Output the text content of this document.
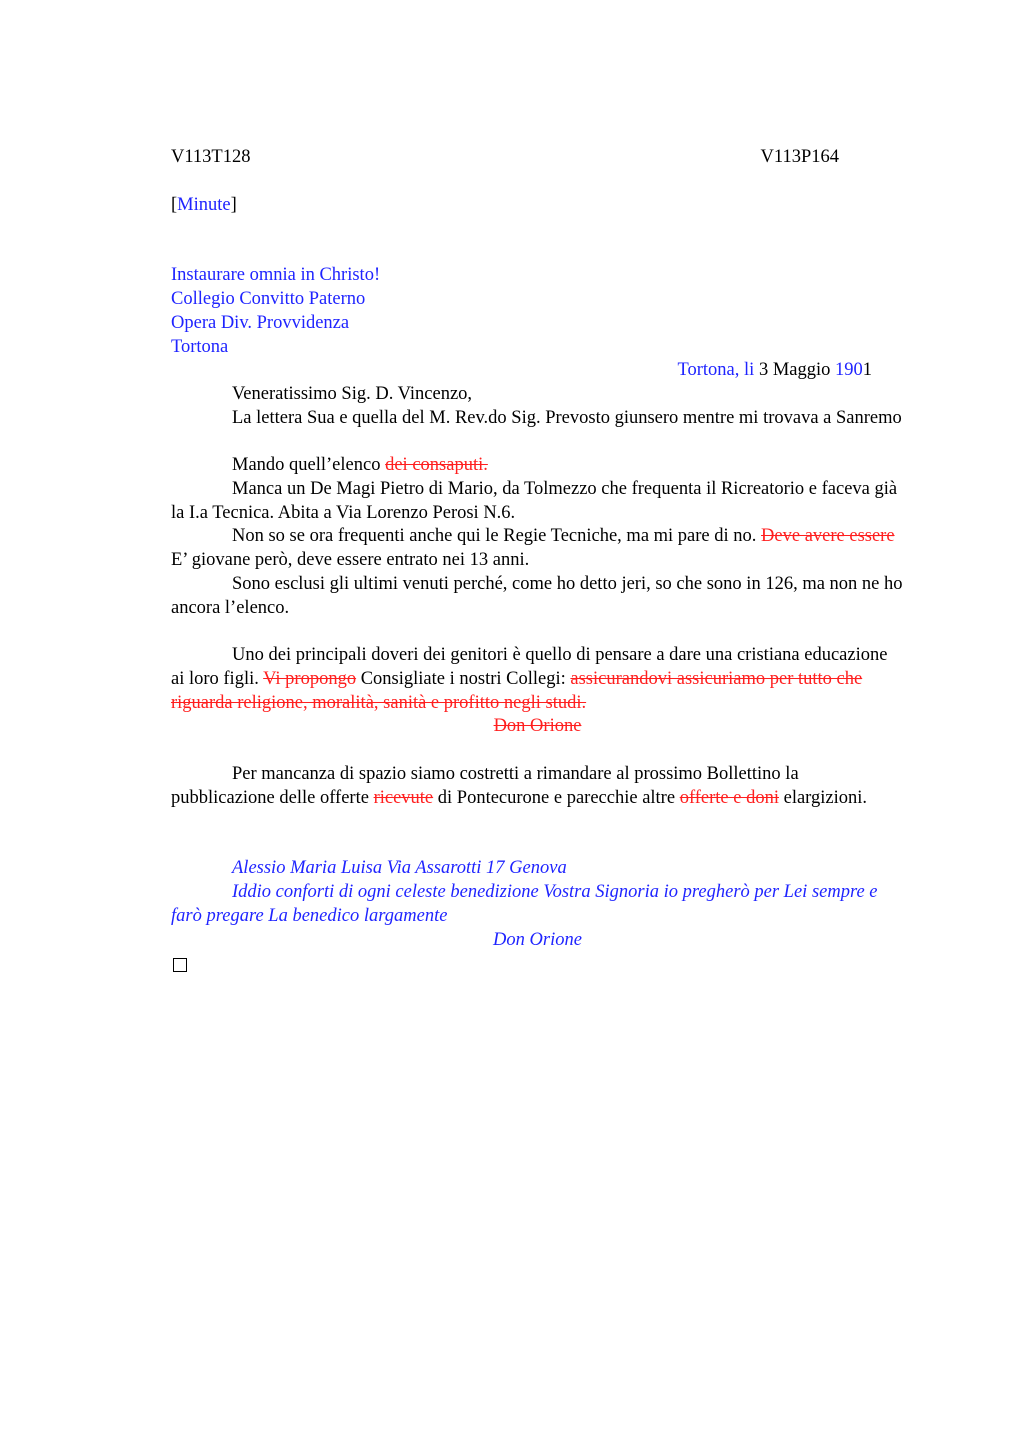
V113T128	V113P164
[Minute]
Instaurare omnia in Christo!
Collegio Convitto Paterno
Opera Div. Provvidenza
Tortona
Tortona, li 3 Maggio 1901
Veneratissimo Sig. D. Vincenzo,
La lettera Sua e quella del M. Rev.do Sig. Prevosto giunsero mentre mi trovava a Sanremo
Mando quell’elenco dei consaputi.
Manca un De Magi Pietro di Mario, da Tolmezzo che frequenta il Ricreatorio e faceva già la I.a Tecnica. Abita a Via Lorenzo Perosi N.6.
Non so se ora frequenti anche qui le Regie Tecniche, ma mi pare di no. Deve avere essere E’ giovane però, deve essere entrato nei 13 anni.
Sono esclusi gli ultimi venuti perché, come ho detto jeri, so che sono in 126, ma non ne ho ancora l’elenco.
Uno dei principali doveri dei genitori è quello di pensare a dare una cristiana educazione ai loro figli. Vi propongo Consigliate i nostri Collegi: assicurandovi assicuriamo per tutto che riguarda religione, moralità, sanità e profitto negli studi.
Don Orione
Per mancanza di spazio siamo costretti a rimandare al prossimo Bollettino la pubblicazione delle offerte ricevute di Pontecurone e parecchie altre offerte e doni elargizioni.
Alessio Maria Luisa Via Assarotti 17 Genova
Iddio conforti di ogni celeste benedizione Vostra Signoria io pregherò per Lei sempre e farò pregare La benedico largamente
Don Orione
